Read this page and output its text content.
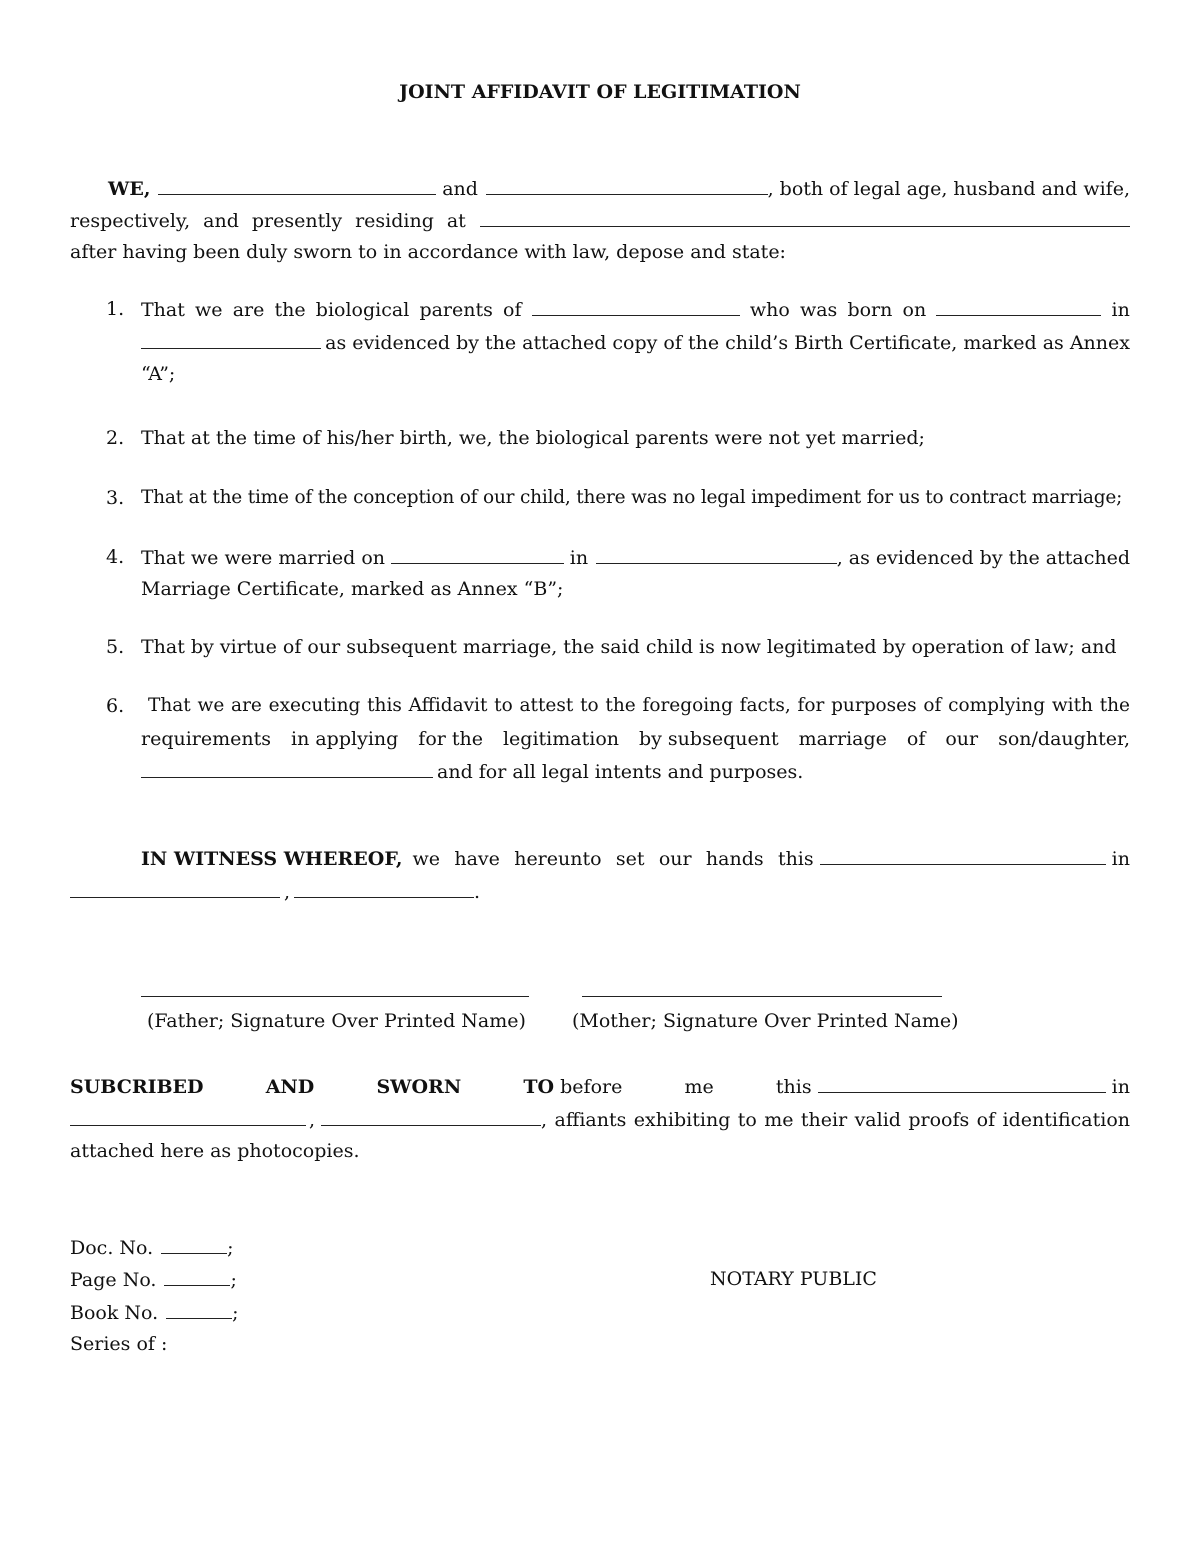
JOINT AFFIDAVIT OF LEGITIMATION
WE,	and	, both of legal age, husband and wife,
respectively, and presently residing at
after having been duly sworn to in accordance with law, depose and state:
1. That we are the biological parents of	who was born on	in
as evidenced by the attached copy of the child’s Birth Certificate, marked as Annex
“A”;
2. That at the time of his/her birth, we, the biological parents were not yet married;
3. That at the time of the conception of our child, there was no legal impediment for us to contract marriage;
4. That we were married on	in	, as evidenced by the attached
Marriage Certificate, marked as Annex “B”;
5. That by virtue of our subsequent marriage, the said child is now legitimated by operation of law; and
6. That we are executing this Affidavit to attest to the foregoing facts, for purposes of complying with the
requirements in applying for the legitimation by subsequent marriage of our son/daughter,
and for all legal intents and purposes.
IN WITNESS WHEREOF, we have hereunto set our hands this	in
,	.
(Father; Signature Over Printed Name) (Mother; Signature Over Printed Name)
SUBCRIBED	AND	SWORN	TO before	me	this	in
,	, affiants exhibiting to me their valid proofs of identification
attached here as photocopies.
Doc. No.	;
Page No.	;
Book No.	;
Series of :
NOTARY PUBLIC
